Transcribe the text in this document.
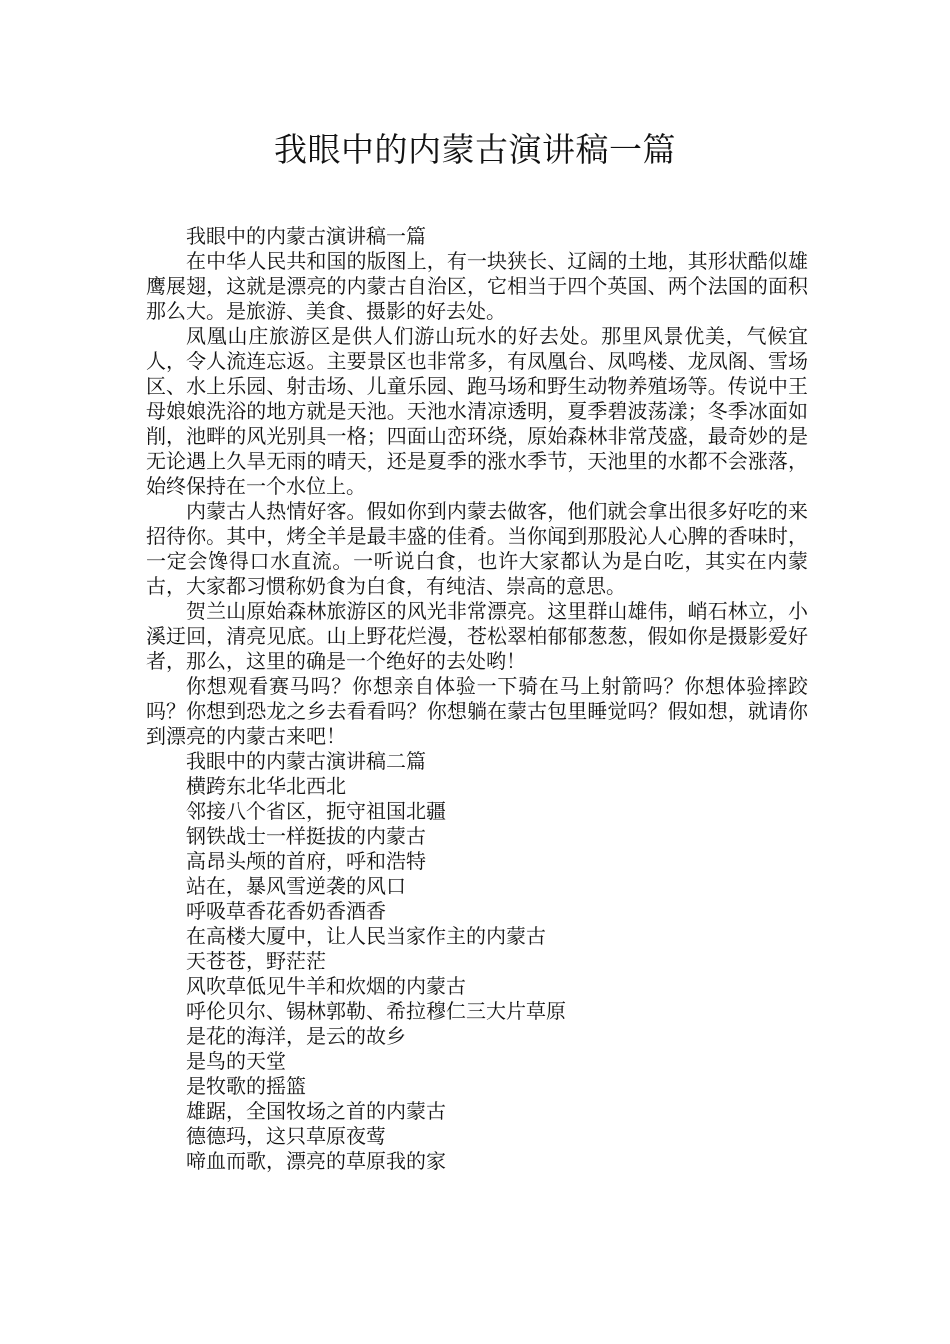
我眼中的内蒙古演讲稿一篇

我眼中的内蒙古演讲稿一篇

在中华人民共和国的版图上，有一块狭长、辽阔的土地，其形状酷似雄鹰展翅，这就是漂亮的内蒙古自治区，它相当于四个英国、两个法国的面积那么大。是旅游、美食、摄影的好去处。

凤凰山庄旅游区是供人们游山玩水的好去处。那里风景优美，气候宜人，令人流连忘返。主要景区也非常多，有凤凰台、凤鸣楼、龙凤阁、雪场区、水上乐园、射击场、儿童乐园、跑马场和野生动物养殖场等。传说中王母娘娘洗浴的地方就是天池。天池水清凉透明，夏季碧波荡漾；冬季冰面如削，池畔的风光别具一格；四面山峦环绕，原始森林非常茂盛，最奇妙的是无论遇上久旱无雨的晴天，还是夏季的涨水季节，天池里的水都不会涨落，始终保持在一个水位上。

内蒙古人热情好客。假如你到内蒙去做客，他们就会拿出很多好吃的来招待你。其中，烤全羊是最丰盛的佳肴。当你闻到那股沁人心脾的香味时，一定会馋得口水直流。一听说白食，也许大家都认为是白吃，其实在内蒙古，大家都习惯称奶食为白食，有纯洁、崇高的意思。

贺兰山原始森林旅游区的风光非常漂亮。这里群山雄伟，峭石林立，小溪迂回，清亮见底。山上野花烂漫，苍松翠柏郁郁葱葱，假如你是摄影爱好者，那么，这里的确是一个绝好的去处哟！

你想观看赛马吗？你想亲自体验一下骑在马上射箭吗？你想体验摔跤吗？你想到恐龙之乡去看看吗？你想躺在蒙古包里睡觉吗？假如想，就请你到漂亮的内蒙古来吧！

我眼中的内蒙古演讲稿二篇

横跨东北华北西北

邻接八个省区，扼守祖国北疆

钢铁战士一样挺拔的内蒙古

高昂头颅的首府，呼和浩特

站在，暴风雪逆袭的风口

呼吸草香花香奶香酒香

在高楼大厦中，让人民当家作主的内蒙古

天苍苍，野茫茫

风吹草低见牛羊和炊烟的内蒙古

呼伦贝尔、锡林郭勒、希拉穆仁三大片草原

是花的海洋，是云的故乡

是鸟的天堂

是牧歌的摇篮

雄踞，全国牧场之首的内蒙古

德德玛，这只草原夜莺

啼血而歌，漂亮的草原我的家
